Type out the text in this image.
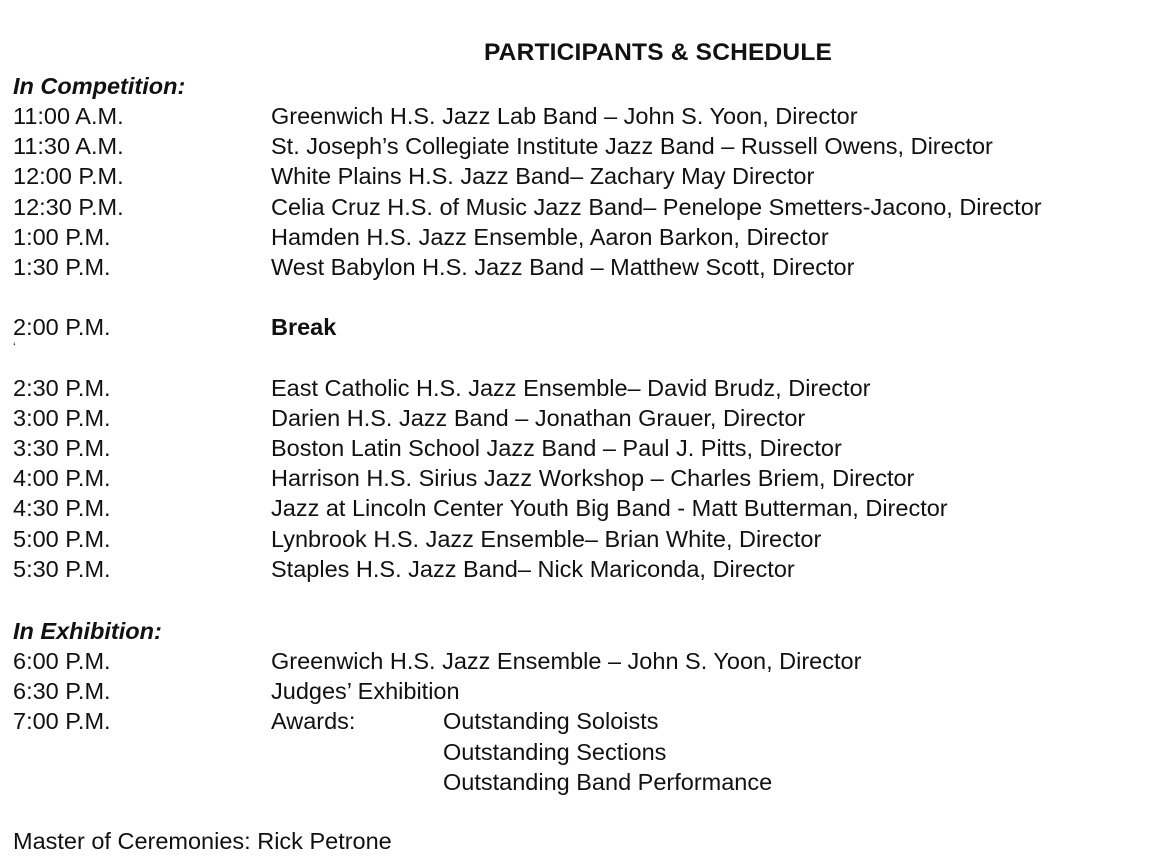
PARTICIPANTS & SCHEDULE
In Competition:
11:00 A.M.	Greenwich H.S. Jazz Lab Band – John S. Yoon, Director
11:30 A.M.	St. Joseph’s Collegiate Institute Jazz Band – Russell Owens, Director
12:00 P.M.	White Plains H.S. Jazz Band– Zachary May Director
12:30 P.M.	Celia Cruz H.S. of Music Jazz Band– Penelope Smetters-Jacono, Director
1:00 P.M.	Hamden H.S. Jazz Ensemble, Aaron Barkon, Director
1:30 P.M.	West Babylon H.S. Jazz Band – Matthew Scott, Director
2:00 P.M.	Break
‘
2:30 P.M.	East Catholic H.S. Jazz Ensemble– David Brudz, Director
3:00 P.M.	Darien H.S. Jazz Band – Jonathan Grauer, Director
3:30 P.M.	Boston Latin School Jazz Band – Paul J. Pitts, Director
4:00 P.M.	Harrison H.S. Sirius Jazz Workshop – Charles Briem, Director
4:30 P.M.	Jazz at Lincoln Center Youth Big Band - Matt Butterman, Director
5:00 P.M.	Lynbrook H.S. Jazz Ensemble– Brian White, Director
5:30 P.M.	Staples H.S. Jazz Band– Nick Mariconda, Director
In Exhibition:
6:00 P.M.	Greenwich H.S. Jazz Ensemble – John S. Yoon, Director
6:30 P.M.	Judges’ Exhibition
7:00 P.M.	Awards:	Outstanding Soloists
Outstanding Sections
Outstanding Band Performance
Master of Ceremonies: Rick Petrone
